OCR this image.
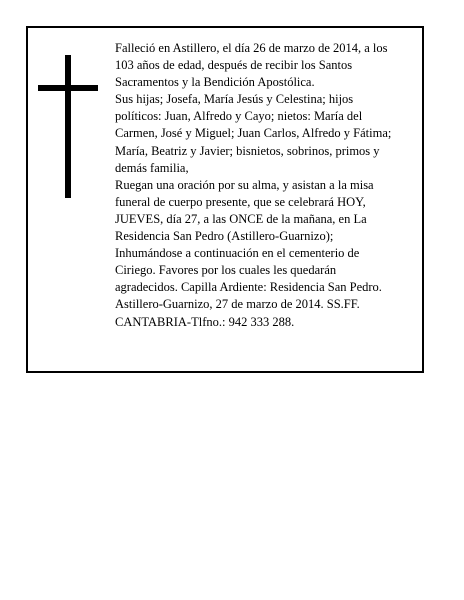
Falleció en Astillero, el día 26 de marzo de 2014, a los
103 años de edad, después de recibir los Santos
Sacramentos y la Bendición Apostólica.
Sus hijas; Josefa, María Jesús y Celestina; hijos
políticos: Juan, Alfredo y Cayo; nietos: María del
Carmen, José y Miguel; Juan Carlos, Alfredo y Fátima;
María, Beatriz y Javier; bisnietos, sobrinos, primos y
demás familia,
Ruegan una oración por su alma, y asistan a la misa
funeral de cuerpo presente, que se celebrará HOY,
JUEVES, día 27, a las ONCE de la mañana, en La
Residencia San Pedro (Astillero-Guarnizo);
Inhumándose a continuación en el cementerio de
Ciriego. Favores por los cuales les quedarán
agradecidos. Capilla Ardiente: Residencia San Pedro.
Astillero-Guarnizo, 27 de marzo de 2014. SS.FF.
CANTABRIA-Tlfno.: 942 333 288.
